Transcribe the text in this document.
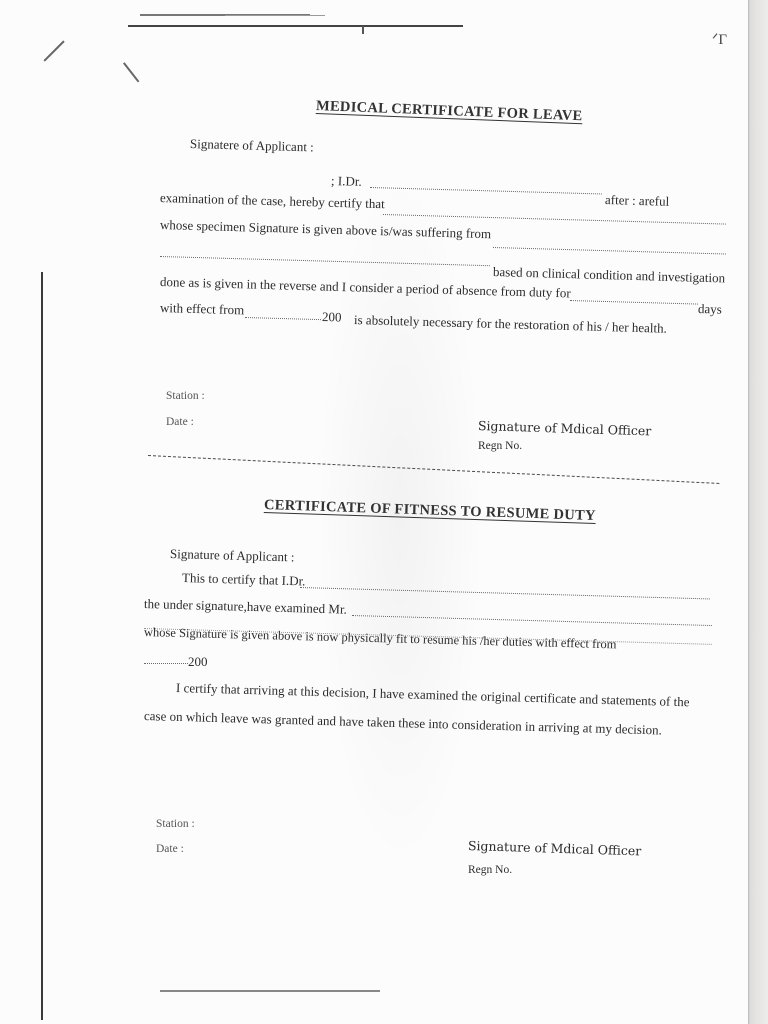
ᐟΓ
MEDICAL CERTIFICATE FOR LEAVE
Signatere of Applicant :
; I.Dr.
after : areful
examination of the case, hereby certify that
whose specimen Signature is given above is/was suffering from
based on clinical condition and investigation
done as is given in the reverse and I consider a period of absence from duty for
days
with effect from	200 is absolutely necessary for the restoration of his / her health.
Station :
Date :	Signature of Mdical Officer
Regn No.
CERTIFICATE OF FITNESS TO RESUME DUTY
Signature of Applicant :
This to certify that I.Dr.
the under signature,have examined Mr.
whose Signature is given above is now physically fit to resume his /her duties with effect from
200
I certify that arriving at this decision, I have examined the original certificate and statements of the
case on which leave was granted and have taken these into consideration in arriving at my decision.
Station :
Date :	Signature of Mdical Officer
Regn No.
